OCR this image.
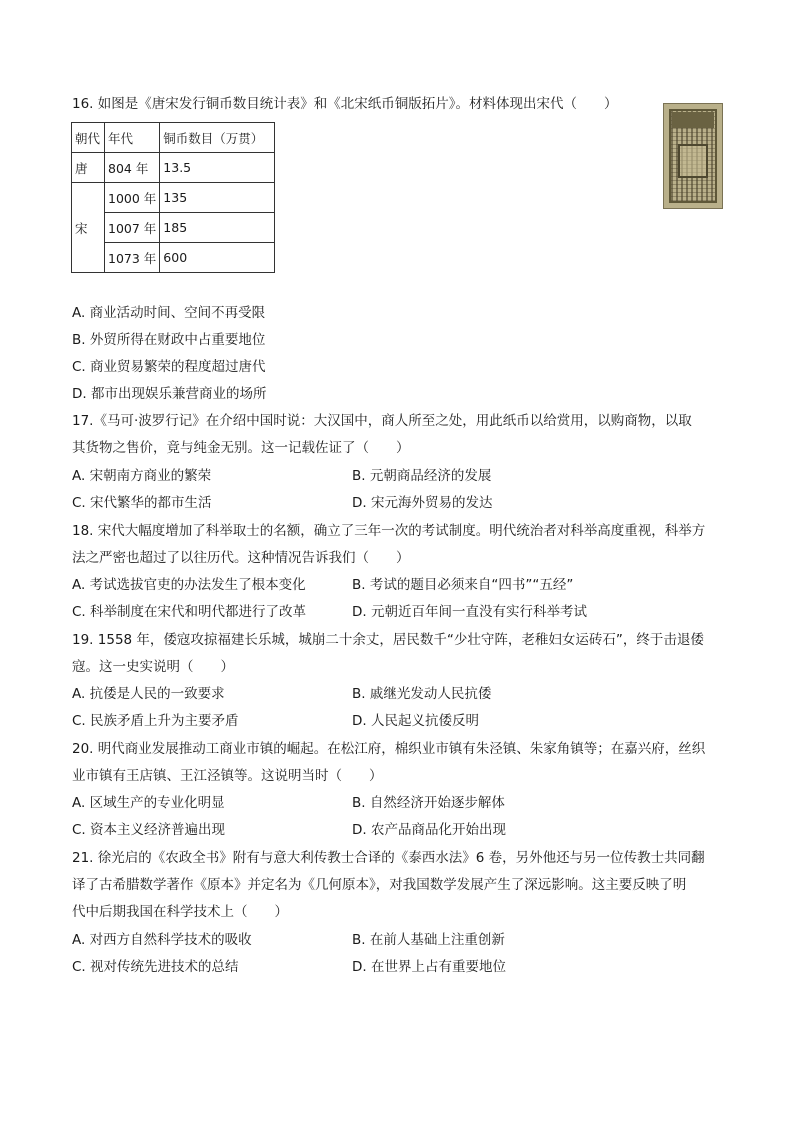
16. 如图是《唐宋发行铜币数目统计表》和《北宋纸币铜版拓片》。材料体现出宋代（　　）
朝代	年代	铜币数目（万贯）
唐	804 年	13.5
宋	1000 年	135
	1007 年	185
	1073 年	600
A. 商业活动时间、空间不再受限
B. 外贸所得在财政中占重要地位
C. 商业贸易繁荣的程度超过唐代
D. 都市出现娱乐兼营商业的场所
17.《马可·波罗行记》在介绍中国时说：大汉国中，商人所至之处，用此纸币以给赏用，以购商物，以取
其货物之售价，竟与纯金无别。这一记载佐证了（　　）
A. 宋朝南方商业的繁荣	B. 元朝商品经济的发展
C. 宋代繁华的都市生活	D. 宋元海外贸易的发达
18. 宋代大幅度增加了科举取士的名额，确立了三年一次的考试制度。明代统治者对科举高度重视，科举方
法之严密也超过了以往历代。这种情况告诉我们（　　）
A. 考试选拔官吏的办法发生了根本变化	B. 考试的题目必须来自“四书”“五经”
C. 科举制度在宋代和明代都进行了改革	D. 元朝近百年间一直没有实行科举考试
19. 1558 年，倭寇攻掠福建长乐城，城崩二十余丈，居民数千“少壮守阵，老稚妇女运砖石”，终于击退倭
寇。这一史实说明（　　）
A. 抗倭是人民的一致要求	B. 戚继光发动人民抗倭
C. 民族矛盾上升为主要矛盾	D. 人民起义抗倭反明
20. 明代商业发展推动工商业市镇的崛起。在松江府，棉织业市镇有朱泾镇、朱家角镇等；在嘉兴府，丝织
业市镇有王店镇、王江泾镇等。这说明当时（　　）
A. 区域生产的专业化明显	B. 自然经济开始逐步解体
C. 资本主义经济普遍出现	D. 农产品商品化开始出现
21. 徐光启的《农政全书》附有与意大利传教士合译的《泰西水法》6 卷，另外他还与另一位传教士共同翻
译了古希腊数学著作《原本》并定名为《几何原本》，对我国数学发展产生了深远影响。这主要反映了明
代中后期我国在科学技术上（　　）
A. 对西方自然科学技术的吸收	B. 在前人基础上注重创新
C. 视对传统先进技术的总结	D. 在世界上占有重要地位
